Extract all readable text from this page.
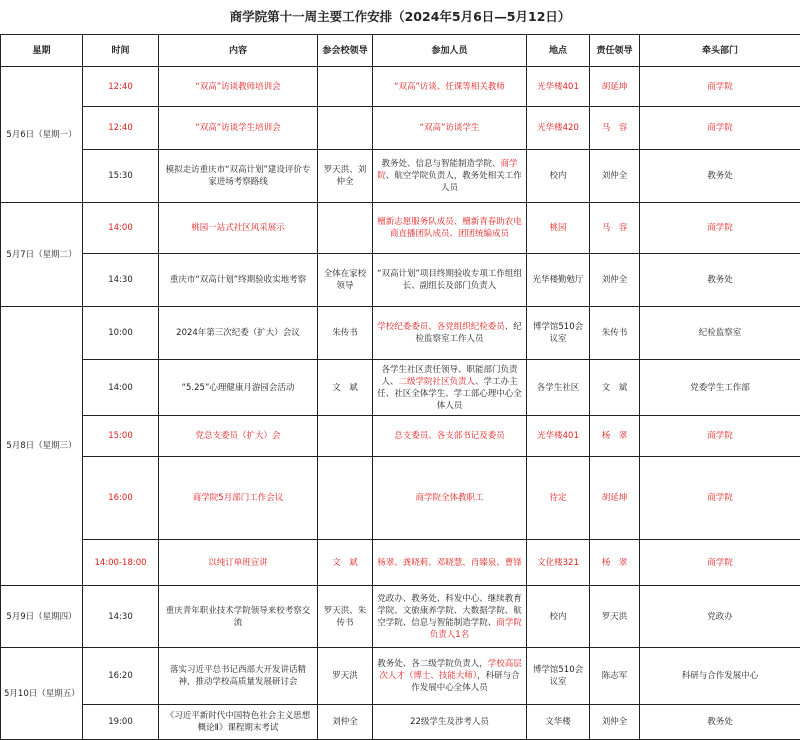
商学院第十一周主要工作安排（2024年5月6日—5月12日）
星期	时间	内容	参会校领导	参加人员	地点	责任领导	牵头部门
5月6日（星期一）	12:40	“双高”访谈教师培训会		“双高”访谈、任课等相关教师	光华楼401	胡延坤	商学院
	12:40	“双高”访谈学生培训会		“双高”访谈学生	光华楼420	马　容	商学院
	15:30	模拟走访重庆市“双高计划”建设评价专家进场考察路线	罗天洪、刘仲全	教务处、信息与智能制造学院、商学院、航空学院负责人，教务处相关工作人员	校内	刘仲全	教务处
5月7日（星期二）	14:00	桃园一站式社区风采展示		檀新志愿服务队成员、檀新青春助农电商直播团队成员、团团统编成员	桃园	马　容	商学院
	14:30	重庆市“双高计划”终期验收实地考察	全体在家校领导	“双高计划”项目终期验收专项工作组组长、副组长及部门负责人	光华楼勤勉厅	刘仲全	教务处
5月8日（星期三）	10:00	2024年第三次纪委（扩大）会议	朱传书	学校纪委委员、各党组织纪检委员、纪检监察室工作人员	博学馆510会议室	朱传书	纪检监察室
	14:00	“5.25”心理健康月游园会活动	文　斌	各学生社区责任领导、职能部门负责人、二级学院社区负责人、学工办主任、社区全体学生、学工部心理中心全体人员	各学生社区	文　斌	党委学生工作部
	15:00	党总支委员（扩大）会		总支委员、各支部书记及委员	光华楼401	杨　翠	商学院
	16:00	商学院5月部门工作会议		商学院全体教职工	待定	胡延坤	商学院
	14:00-18:00	以纯订单班宣讲	文　斌	杨翠、龚晓莉、邓晓慧、肖臻泉、曹锋	文化楼321	杨　翠	商学院
5月9日（星期四）	14:30	重庆青年职业技术学院领导来校考察交流	罗天洪、朱传书	党政办、教务处、科发中心、继续教育学院、文旅康养学院、大数据学院、航空学院、信息与智能制造学院、商学院负责人1名	校内	罗天洪	党政办
5月10日（星期五）	16:20	落实习近平总书记西部大开发讲话精神，推动学校高质量发展研讨会	罗天洪	教务处、各二级学院负责人，学校高层次人才（博士、技能大师），科研与合作发展中心全体人员	博学馆510会议室	陈志军	科研与合作发展中心
	19:00	《习近平新时代中国特色社会主义思想概论Ⅱ》课程期末考试	刘仲全	22级学生及涉考人员	文华楼	刘仲全	教务处
